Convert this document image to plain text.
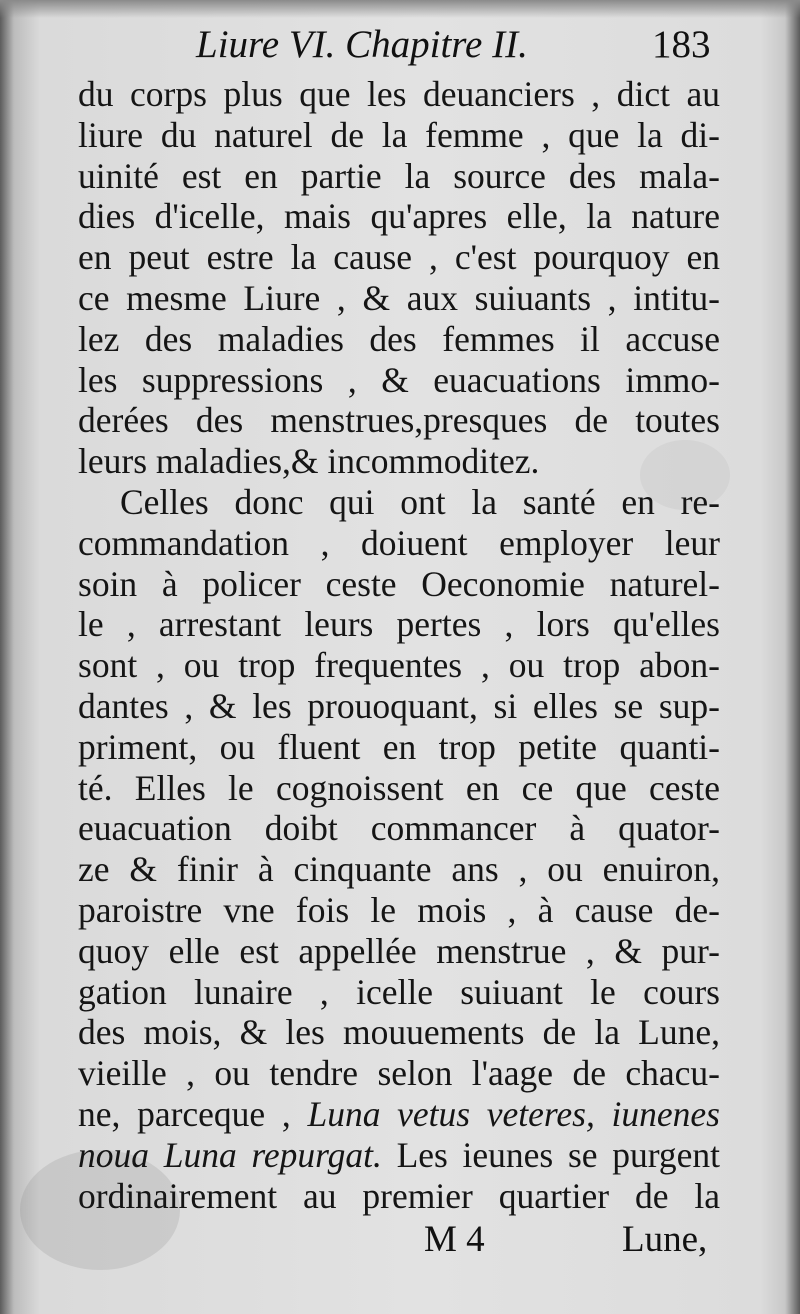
Liure VI. Chapitre II.	183
du corps plus que les deuanciers , dict au
liure du naturel de la femme , que la di-
uinité est en partie la source des mala-
dies d'icelle, mais qu'apres elle, la nature
en peut estre la cause , c'est pourquoy en
ce mesme Liure , & aux suiuants , intitu-
lez des maladies des femmes il accuse
les suppressions , & euacuations immo-
derées des menstrues,presques de toutes
leurs maladies,& incommoditez.
Celles donc qui ont la santé en re-
commandation , doiuent employer leur
soin à policer ceste Oeconomie naturel-
le , arrestant leurs pertes , lors qu'elles
sont , ou trop frequentes , ou trop abon-
dantes , & les prouoquant, si elles se sup-
priment, ou fluent en trop petite quanti-
té. Elles le cognoissent en ce que ceste
euacuation doibt commancer à quator-
ze & finir à cinquante ans , ou enuiron,
paroistre vne fois le mois , à cause de-
quoy elle est appellée menstrue , & pur-
gation lunaire , icelle suiuant le cours
des mois, & les mouuements de la Lune,
vieille , ou tendre selon l'aage de chacu-
ne, parceque , Luna vetus veteres, iunenes
noua Luna repurgat. Les ieunes se purgent
ordinairement au premier quartier de la
M 4	Lune,
